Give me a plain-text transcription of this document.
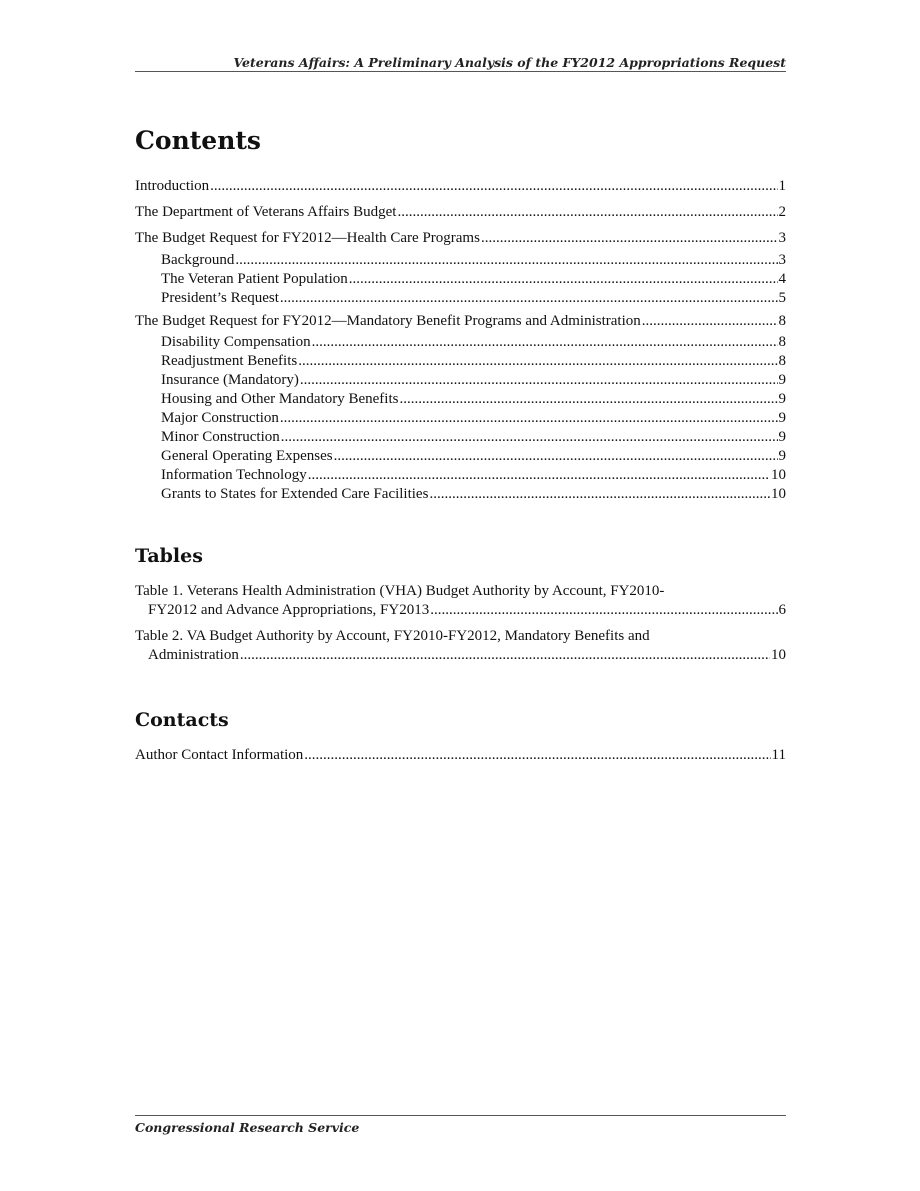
Veterans Affairs: A Preliminary Analysis of the FY2012 Appropriations Request
Contents
Introduction .....	1
The Department of Veterans Affairs Budget .....	2
The Budget Request for FY2012—Health Care Programs .....	3
Background .....	3
The Veteran Patient Population .....	4
President’s Request .....	5
The Budget Request for FY2012—Mandatory Benefit Programs and Administration .....	8
Disability Compensation .....	8
Readjustment Benefits .....	8
Insurance (Mandatory) .....	9
Housing and Other Mandatory Benefits .....	9
Major Construction .....	9
Minor Construction .....	9
General Operating Expenses .....	9
Information Technology .....	10
Grants to States for Extended Care Facilities .....	10
Tables
Table 1. Veterans Health Administration (VHA) Budget Authority by Account, FY2010-
FY2012 and Advance Appropriations, FY2013 .....	6
Table 2. VA Budget Authority by Account, FY2010-FY2012, Mandatory Benefits and
Administration .....	10
Contacts
Author Contact Information .....	11
Congressional Research Service
